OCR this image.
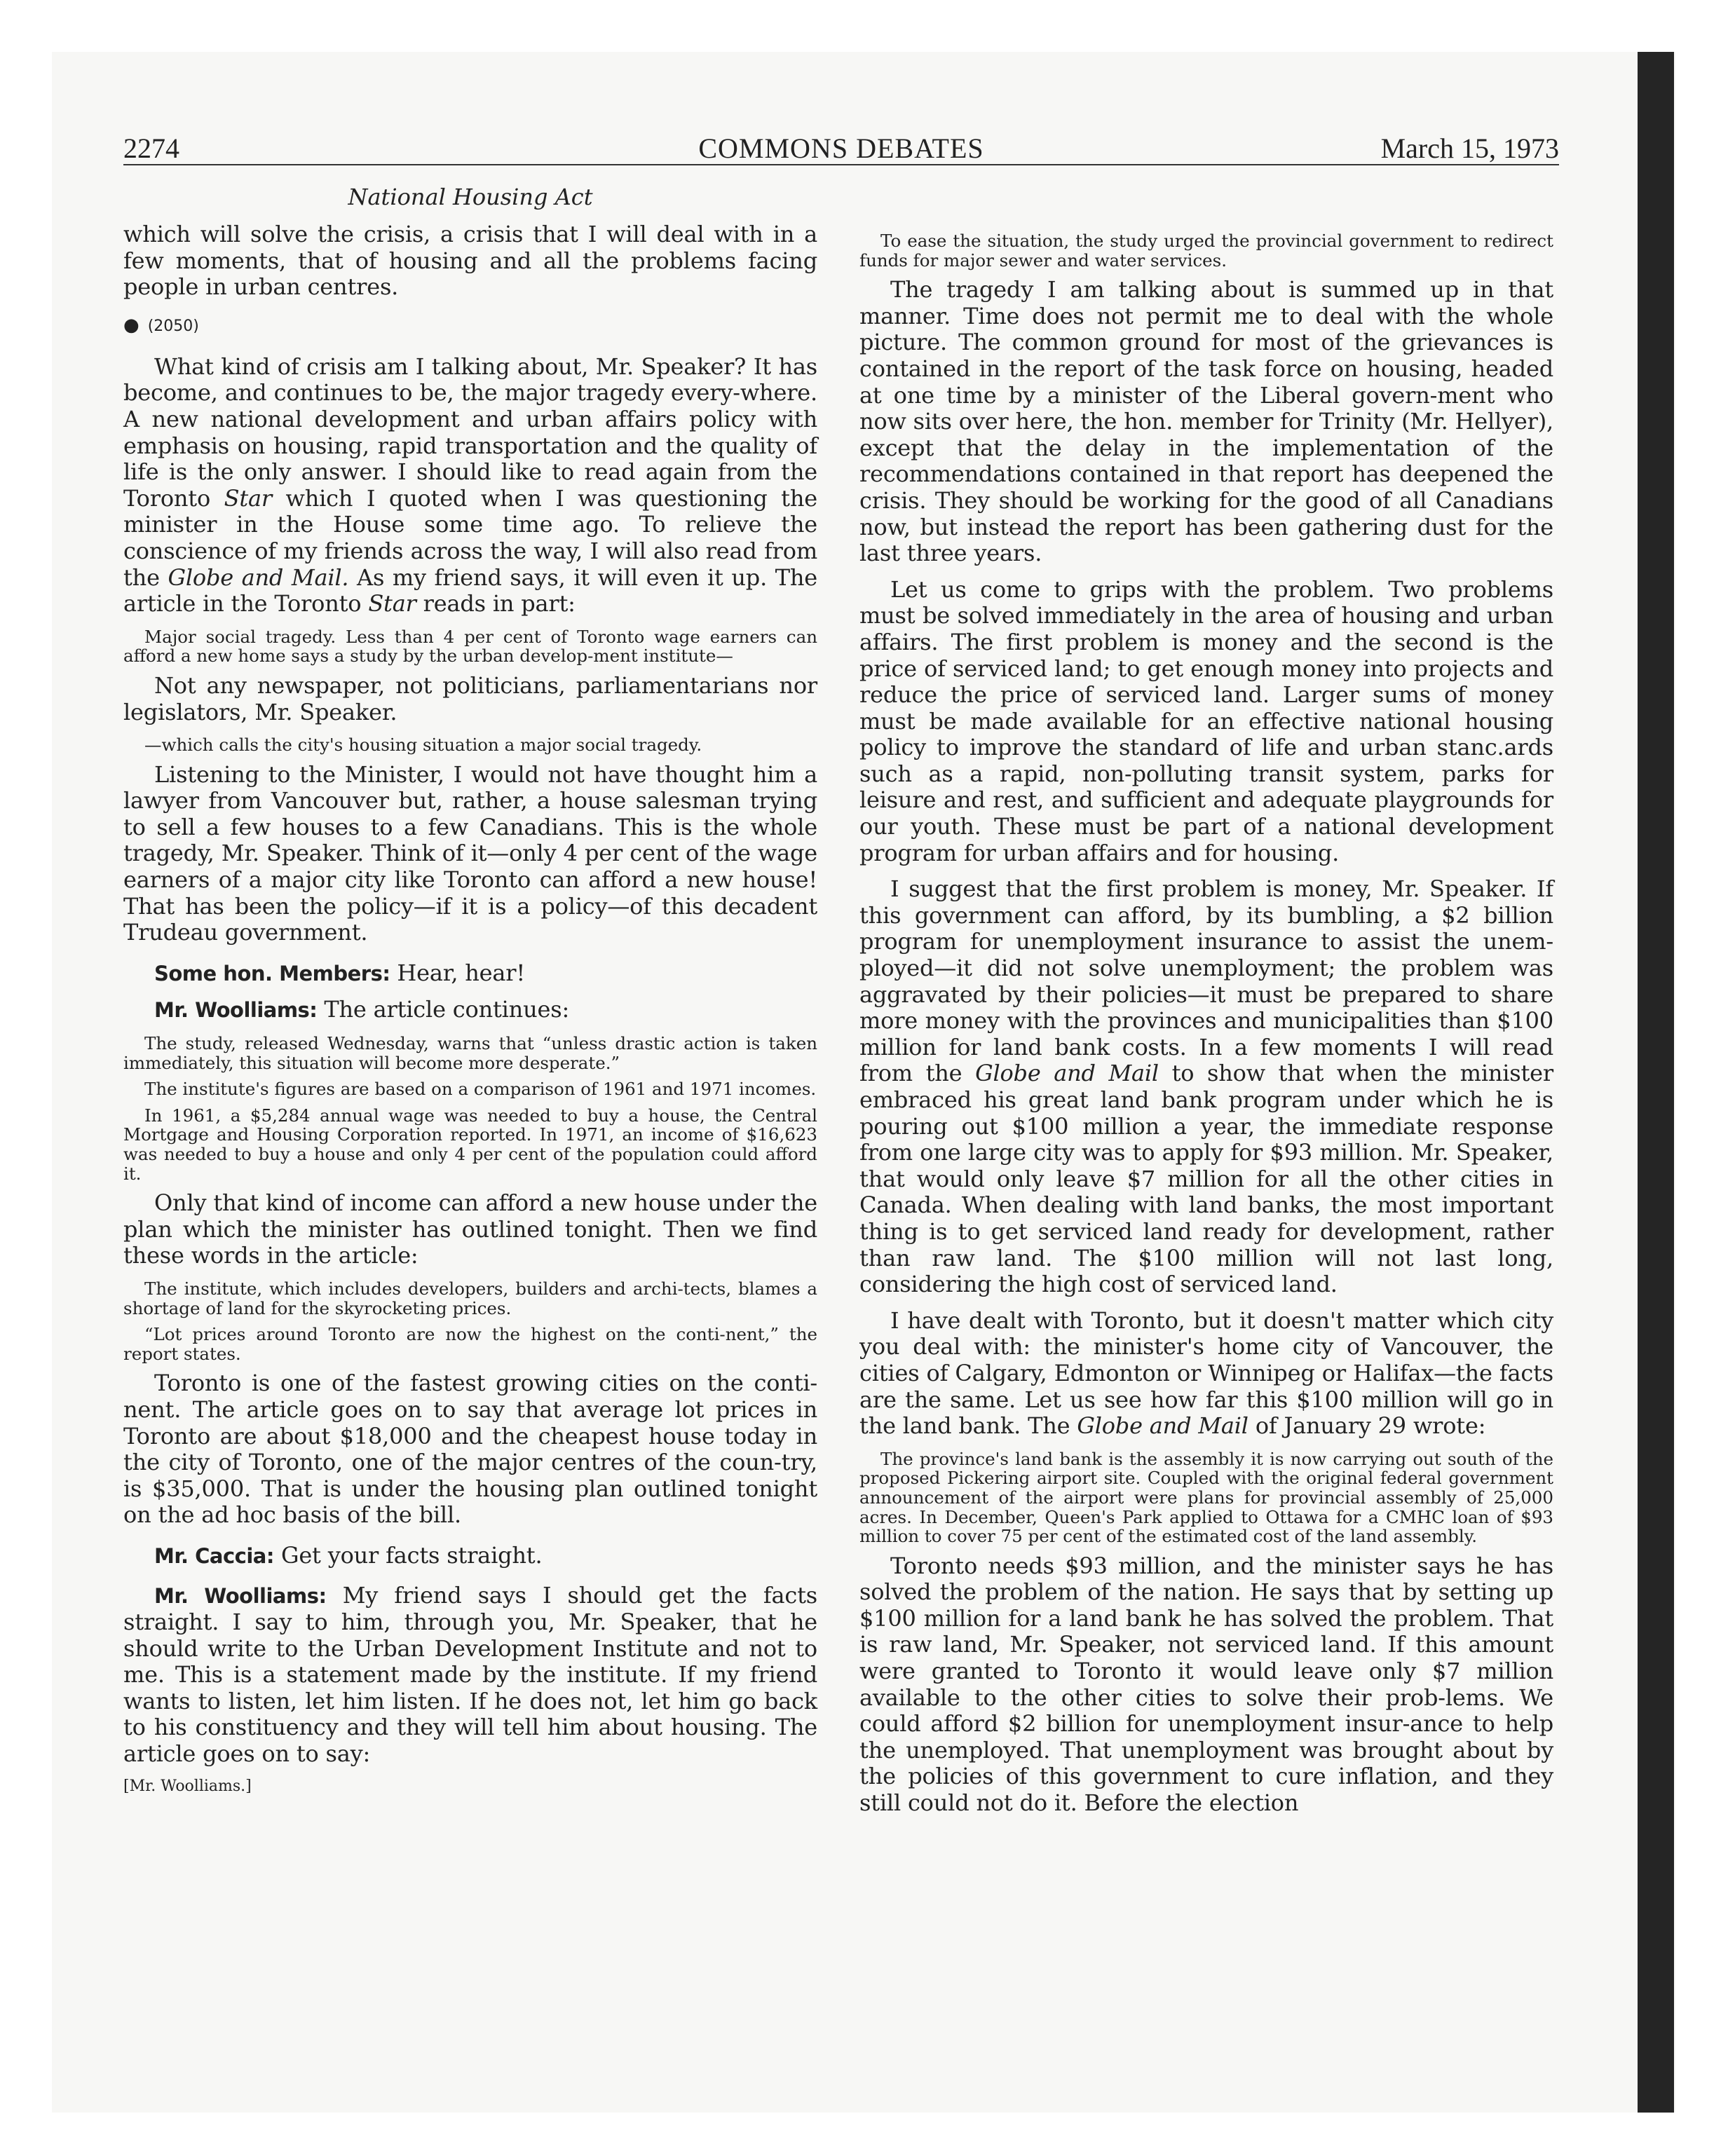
2274	COMMONS DEBATES	March 15, 1973
National Housing Act

which will solve the crisis, a crisis that I will deal with in a few moments, that of housing and all the problems facing people in urban centres.

● (2050)

What kind of crisis am I talking about, Mr. Speaker? It has become, and continues to be, the major tragedy every-where. A new national development and urban affairs policy with emphasis on housing, rapid transportation and the quality of life is the only answer. I should like to read again from the Toronto Star which I quoted when I was questioning the minister in the House some time ago. To relieve the conscience of my friends across the way, I will also read from the Globe and Mail. As my friend says, it will even it up. The article in the Toronto Star reads in part:

Major social tragedy. Less than 4 per cent of Toronto wage earners can afford a new home says a study by the urban develop-ment institute—

Not any newspaper, not politicians, parliamentarians nor legislators, Mr. Speaker.

—which calls the city's housing situation a major social tragedy.

Listening to the Minister, I would not have thought him a lawyer from Vancouver but, rather, a house salesman trying to sell a few houses to a few Canadians. This is the whole tragedy, Mr. Speaker. Think of it—only 4 per cent of the wage earners of a major city like Toronto can afford a new house! That has been the policy—if it is a policy—of this decadent Trudeau government.

Some hon. Members: Hear, hear!

Mr. Woolliams: The article continues:

The study, released Wednesday, warns that “unless drastic action is taken immediately, this situation will become more desperate.”

The institute's figures are based on a comparison of 1961 and 1971 incomes.

In 1961, a $5,284 annual wage was needed to buy a house, the Central Mortgage and Housing Corporation reported. In 1971, an income of $16,623 was needed to buy a house and only 4 per cent of the population could afford it.

Only that kind of income can afford a new house under the plan which the minister has outlined tonight. Then we find these words in the article:

The institute, which includes developers, builders and archi-tects, blames a shortage of land for the skyrocketing prices.

“Lot prices around Toronto are now the highest on the conti-nent,” the report states.

Toronto is one of the fastest growing cities on the conti-nent. The article goes on to say that average lot prices in Toronto are about $18,000 and the cheapest house today in the city of Toronto, one of the major centres of the coun-try, is $35,000. That is under the housing plan outlined tonight on the ad hoc basis of the bill.

Mr. Caccia: Get your facts straight.

Mr. Woolliams: My friend says I should get the facts straight. I say to him, through you, Mr. Speaker, that he should write to the Urban Development Institute and not to me. This is a statement made by the institute. If my friend wants to listen, let him listen. If he does not, let him go back to his constituency and they will tell him about housing. The article goes on to say:

[Mr. Woolliams.]

To ease the situation, the study urged the provincial government to redirect funds for major sewer and water services.

The tragedy I am talking about is summed up in that manner. Time does not permit me to deal with the whole picture. The common ground for most of the grievances is contained in the report of the task force on housing, headed at one time by a minister of the Liberal govern-ment who now sits over here, the hon. member for Trinity (Mr. Hellyer), except that the delay in the implementation of the recommendations contained in that report has deepened the crisis. They should be working for the good of all Canadians now, but instead the report has been gathering dust for the last three years.

Let us come to grips with the problem. Two problems must be solved immediately in the area of housing and urban affairs. The first problem is money and the second is the price of serviced land; to get enough money into projects and reduce the price of serviced land. Larger sums of money must be made available for an effective national housing policy to improve the standard of life and urban stanc.ards such as a rapid, non-polluting transit system, parks for leisure and rest, and sufficient and adequate playgrounds for our youth. These must be part of a national development program for urban affairs and for housing.

I suggest that the first problem is money, Mr. Speaker. If this government can afford, by its bumbling, a $2 billion program for unemployment insurance to assist the unem-ployed—it did not solve unemployment; the problem was aggravated by their policies—it must be prepared to share more money with the provinces and municipalities than $100 million for land bank costs. In a few moments I will read from the Globe and Mail to show that when the minister embraced his great land bank program under which he is pouring out $100 million a year, the immediate response from one large city was to apply for $93 million. Mr. Speaker, that would only leave $7 million for all the other cities in Canada. When dealing with land banks, the most important thing is to get serviced land ready for development, rather than raw land. The $100 million will not last long, considering the high cost of serviced land.

I have dealt with Toronto, but it doesn't matter which city you deal with: the minister's home city of Vancouver, the cities of Calgary, Edmonton or Winnipeg or Halifax—the facts are the same. Let us see how far this $100 million will go in the land bank. The Globe and Mail of January 29 wrote:

The province's land bank is the assembly it is now carrying out south of the proposed Pickering airport site. Coupled with the original federal government announcement of the airport were plans for provincial assembly of 25,000 acres. In December, Queen's Park applied to Ottawa for a CMHC loan of $93 million to cover 75 per cent of the estimated cost of the land assembly.

Toronto needs $93 million, and the minister says he has solved the problem of the nation. He says that by setting up $100 million for a land bank he has solved the problem. That is raw land, Mr. Speaker, not serviced land. If this amount were granted to Toronto it would leave only $7 million available to the other cities to solve their prob-lems. We could afford $2 billion for unemployment insur-ance to help the unemployed. That unemployment was brought about by the policies of this government to cure inflation, and they still could not do it. Before the election
